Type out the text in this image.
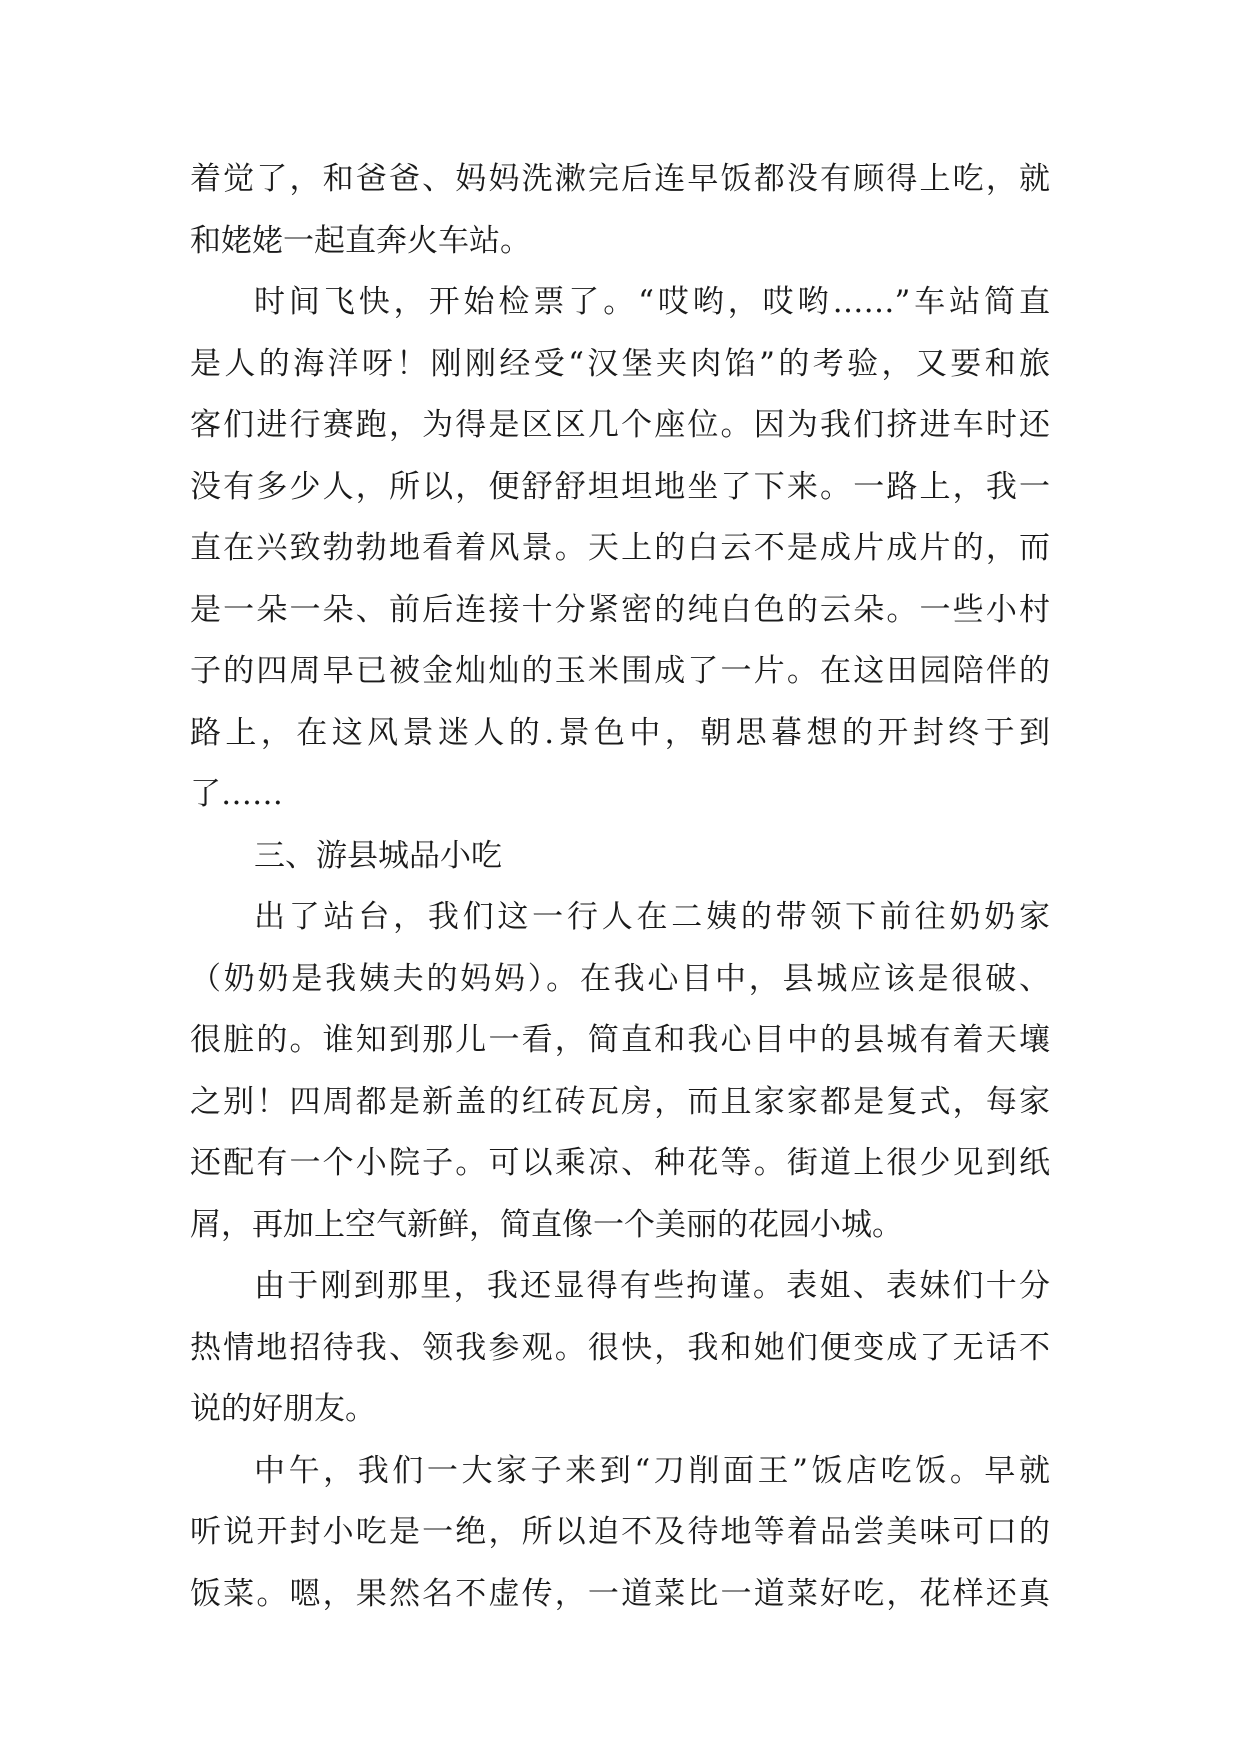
着觉了，和爸爸、妈妈洗漱完后连早饭都没有顾得上吃，就
和姥姥一起直奔火车站。
时间飞快，开始检票了。“哎哟，哎哟……”车站简直
是人的海洋呀！刚刚经受“汉堡夹肉馅”的考验，又要和旅
客们进行赛跑，为得是区区几个座位。因为我们挤进车时还
没有多少人，所以，便舒舒坦坦地坐了下来。一路上，我一
直在兴致勃勃地看着风景。天上的白云不是成片成片的，而
是一朵一朵、前后连接十分紧密的纯白色的云朵。一些小村
子的四周早已被金灿灿的玉米围成了一片。在这田园陪伴的
路上，在这风景迷人的.景色中，朝思暮想的开封终于到
了……
三、游县城品小吃
出了站台，我们这一行人在二姨的带领下前往奶奶家
（奶奶是我姨夫的妈妈）。在我心目中，县城应该是很破、
很脏的。谁知到那儿一看，简直和我心目中的县城有着天壤
之别！四周都是新盖的红砖瓦房，而且家家都是复式，每家
还配有一个小院子。可以乘凉、种花等。街道上很少见到纸
屑，再加上空气新鲜，简直像一个美丽的花园小城。
由于刚到那里，我还显得有些拘谨。表姐、表妹们十分
热情地招待我、领我参观。很快，我和她们便变成了无话不
说的好朋友。
中午，我们一大家子来到“刀削面王”饭店吃饭。早就
听说开封小吃是一绝，所以迫不及待地等着品尝美味可口的
饭菜。嗯，果然名不虚传，一道菜比一道菜好吃，花样还真
